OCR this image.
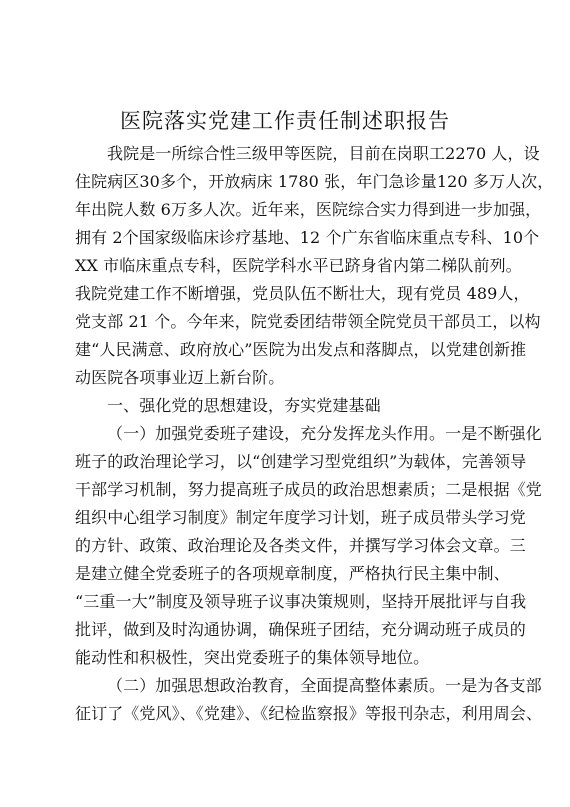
医院落实党建工作责任制述职报告
我院是一所综合性三级甲等医院，目前在岗职工2270 人，设
住院病区30多个，开放病床 1780 张，年门急诊量120 多万人次，
年出院人数 6万多人次。近年来，医院综合实力得到进一步加强，
拥有 2个国家级临床诊疗基地、12 个广东省临床重点专科、10个
XX 市临床重点专科，医院学科水平已跻身省内第二梯队前列。
我院党建工作不断增强，党员队伍不断壮大，现有党员 489人，
党支部 21 个。今年来，院党委团结带领全院党员干部员工，以构
建“人民满意、政府放心”医院为出发点和落脚点，以党建创新推
动医院各项事业迈上新台阶。
一、强化党的思想建设，夯实党建基础
（一）加强党委班子建设，充分发挥龙头作用。一是不断强化
班子的政治理论学习，以“创建学习型党组织”为载体，完善领导
干部学习机制，努力提高班子成员的政治思想素质；二是根据《党
组织中心组学习制度》制定年度学习计划，班子成员带头学习党
的方针、政策、政治理论及各类文件，并撰写学习体会文章。三
是建立健全党委班子的各项规章制度，严格执行民主集中制、
“三重一大”制度及领导班子议事决策规则，坚持开展批评与自我
批评，做到及时沟通协调，确保班子团结，充分调动班子成员的
能动性和积极性，突出党委班子的集体领导地位。
（二）加强思想政治教育，全面提高整体素质。一是为各支部
征订了《党风》、《党建》、《纪检监察报》等报刊杂志，利用周会、
